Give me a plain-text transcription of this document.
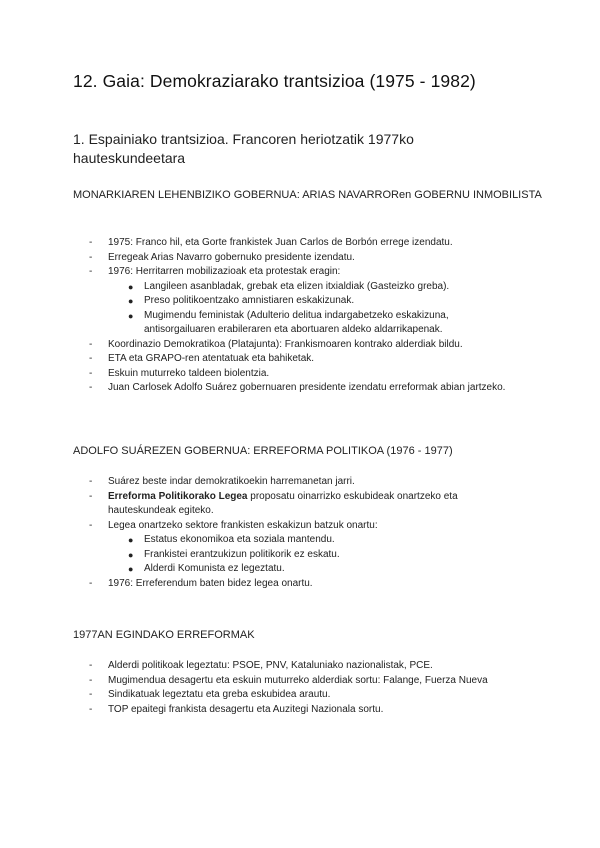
12. Gaia: Demokraziarako trantsizioa (1975 - 1982)

1. Espainiako trantsizioa. Francoren heriotzatik 1977ko hauteskundeetara

MONARKIAREN LEHENBIZIKO GOBERNUA: ARIAS NAVARRORen GOBERNU INMOBILISTA

- 1975: Franco hil, eta Gorte frankistek Juan Carlos de Borbón errege izendatu.
- Erregeak Arias Navarro gobernuko presidente izendatu.
- 1976: Herritarren mobilizazioak eta protestak eragin:
● Langileen asanbladak, grebak eta elizen itxialdiak (Gasteizko greba).
● Preso politikoentzako amnistiaren eskakizunak.
● Mugimendu feministak (Adulterio delitua indargabetzeko eskakizuna, antisorgailuaren erabileraren eta abortuaren aldeko aldarrikapenak.
- Koordinazio Demokratikoa (Platajunta): Frankismoaren kontrako alderdiak bildu.
- ETA eta GRAPO-ren atentatuak eta bahiketak.
- Eskuin muturreko taldeen biolentzia.
- Juan Carlosek Adolfo Suárez gobernuaren presidente izendatu erreformak abian jartzeko.

ADOLFO SUÁREZEN GOBERNUA: ERREFORMA POLITIKOA (1976 - 1977)

- Suárez beste indar demokratikoekin harremanetan jarri.
- Erreforma Politikorako Legea proposatu oinarrizko eskubideak onartzeko eta hauteskundeak egiteko.
- Legea onartzeko sektore frankisten eskakizun batzuk onartu:
● Estatus ekonomikoa eta soziala mantendu.
● Frankistei erantzukizun politikorik ez eskatu.
● Alderdi Komunista ez legeztatu.
- 1976: Erreferendum baten bidez legea onartu.

1977AN EGINDAKO ERREFORMAK

- Alderdi politikoak legeztatu: PSOE, PNV, Kataluniako nazionalistak, PCE.
- Mugimendua desagertu eta eskuin muturreko alderdiak sortu: Falange, Fuerza Nueva
- Sindikatuak legeztatu eta greba eskubidea arautu.
- TOP epaitegi frankista desagertu eta Auzitegi Nazionala sortu.
